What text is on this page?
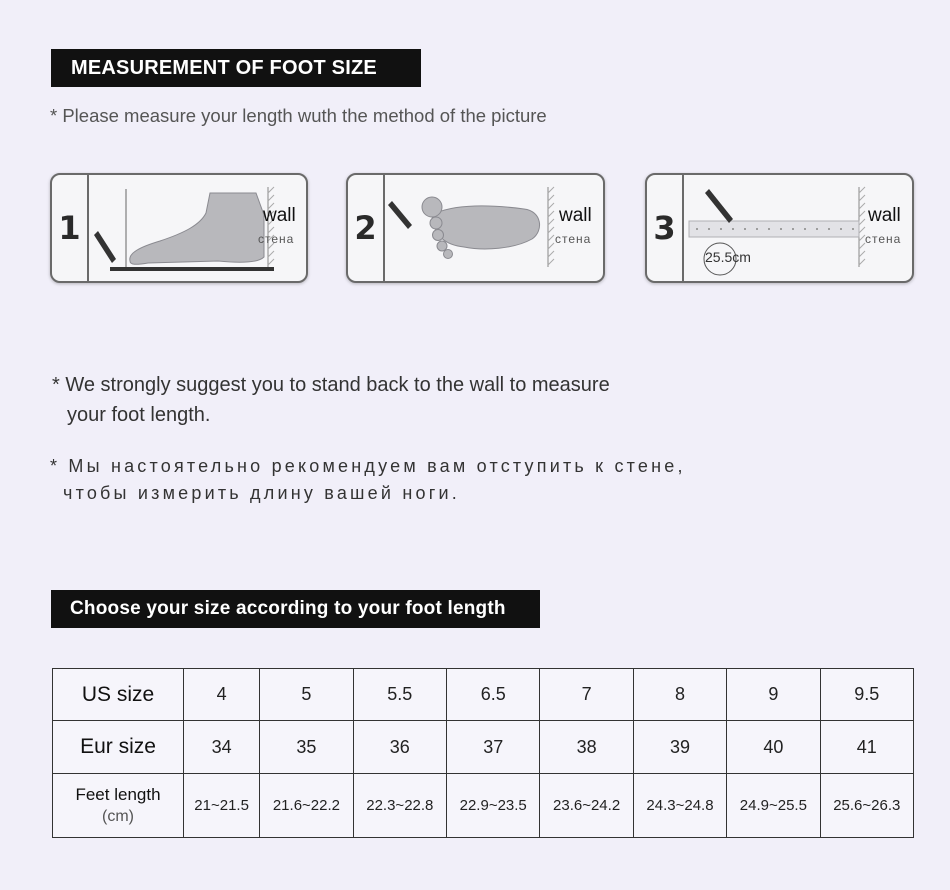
MEASUREMENT OF FOOT SIZE
* Please measure your length wuth the method of the picture
1	wall
стена 2	wall
стена 3	wall
стена
25.5cm
* We strongly suggest you to stand back to the wall to measure
your foot length.
* Мы настоятельно рекомендуем вам отступить к стене,
чтобы измерить длину вашей ноги.
Choose your size according to your foot length
US size	4	5	5.5	6.5	7	8	9	9.5
Eur size	34	35	36	37	38	39	40	41
Feet length
(cm)	21~21.5	21.6~22.2	22.3~22.8	22.9~23.5	23.6~24.2	24.3~24.8	24.9~25.5	25.6~26.3
